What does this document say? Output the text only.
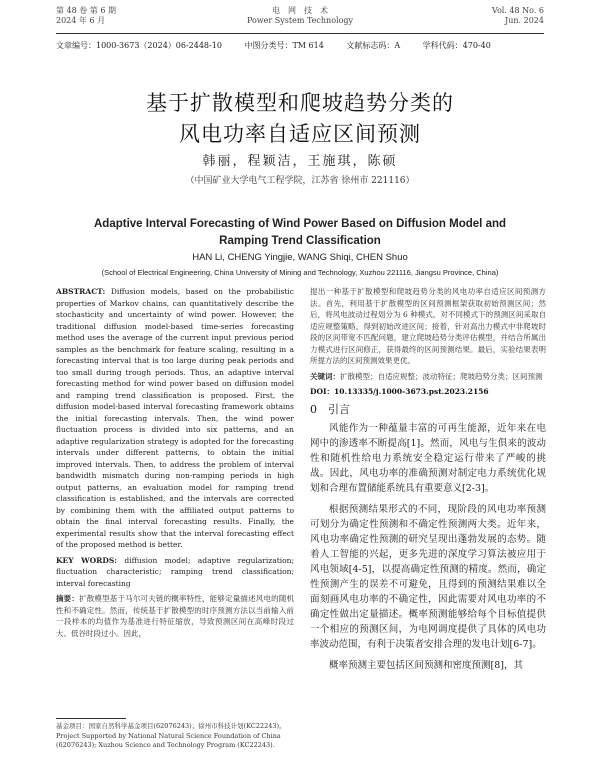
第 48 卷 第 6 期
2024 年 6 月
电　网　技　术
Power System Technology
Vol. 48 No. 6
Jun. 2024
文章编号：1000-3673（2024）06-2448-10	中图分类号：TM 614	文献标志码：A	学科代码：470-40
基于扩散模型和爬坡趋势分类的
风电功率自适应区间预测
韩丽，程颖洁，王施琪，陈硕
（中国矿业大学电气工程学院，江苏省 徐州市 221116）
Adaptive Interval Forecasting of Wind Power Based on Diffusion Model and
Ramping Trend Classification
HAN Li, CHENG Yingjie, WANG Shiqi, CHEN Shuo
(School of Electrical Engineering, China University of Mining and Technology, Xuzhou 221116, Jiangsu Province, China)

ABSTRACT: Diffusion models, based on the probabilistic properties of Markov chains, can quantitatively describe the stochasticity and uncertainty of wind power. However, the traditional diffusion model-based time-series forecasting method uses the average of the current input previous period samples as the benchmark for feature scaling, resulting in a forecasting interval that is too large during peak periods and too small during trough periods. Thus, an adaptive interval forecasting method for wind power based on diffusion model and ramping trend classification is proposed. First, the diffusion model-based interval forecasting framework obtains the initial forecasting intervals. Then, the wind power fluctuation process is divided into six patterns, and an adaptive regularization strategy is adopted for the forecasting intervals under different patterns, to obtain the initial improved intervals. Then, to address the problem of interval bandwidth mismatch during non-ramping periods in high output patterns, an evaluation model for ramping trend classification is established, and the intervals are corrected by combining them with the affiliated output patterns to obtain the final interval forecasting results. Finally, the experimental results show that the interval forecasting effect of the proposed method is better.

KEY WORDS: diffusion model; adaptive regularization; fluctuation characteristic; ramping trend classification; interval forecasting

摘要：扩散模型基于马尔可夫链的概率特性，能够定量描述风电的随机性和不确定性。然而，传统基于扩散模型的时序预测方法以当前输入前一段样本的均值作为基准进行特征缩放，导致预测区间在高峰时段过大、低谷时段过小。因此，

基金项目：国家自然科学基金项目(62076243)；徐州市科技计划(KC22243)。
Project Supported by National Natural Science Foundation of China (62076243); Xuzhou Science and Technology Program (KC22243).

提出一种基于扩散模型和爬坡趋势分类的风电功率自适应区间预测方法。首先，利用基于扩散模型的区间预测框架获取初始预测区间；然后，将风电波动过程划分为 6 种模式，对不同模式下的预测区间采取自适应规整策略，得到初始改进区间；接着，针对高出力模式中非爬坡时段的区间带宽不匹配问题，建立爬坡趋势分类评估模型，并结合所属出力模式进行区间修正，获得最终的区间预测结果。最后，实验结果表明所提方法的区间预测效果更优。

关键词：扩散模型；自适应规整；波动特征；爬坡趋势分类；区间预测

DOI：10.13335/j.1000-3673.pst.2023.2156

0　引言

风能作为一种蕴量丰富的可再生能源，近年来在电网中的渗透率不断提高[1]。然而，风电与生俱来的波动性和随机性给电力系统安全稳定运行带来了严峻的挑战。因此，风电功率的准确预测对制定电力系统优化规划和合理布置储能系统具有重要意义[2-3]。

根据预测结果形式的不同，现阶段的风电功率预测可划分为确定性预测和不确定性预测两大类。近年来，风电功率确定性预测的研究呈现出蓬勃发展的态势。随着人工智能的兴起，更多先进的深度学习算法被应用于风电领域[4-5]，以提高确定性预测的精度。然而，确定性预测产生的误差不可避免，且得到的预测结果难以全面刻画风电功率的不确定性，因此需要对风电功率的不确定性做出定量描述。概率预测能够给每个目标值提供一个相应的预测区间，为电网调度提供了具体的风电功率波动范围，有利于决策者安排合理的发电计划[6-7]。

概率预测主要包括区间预测和密度预测[8]，其
